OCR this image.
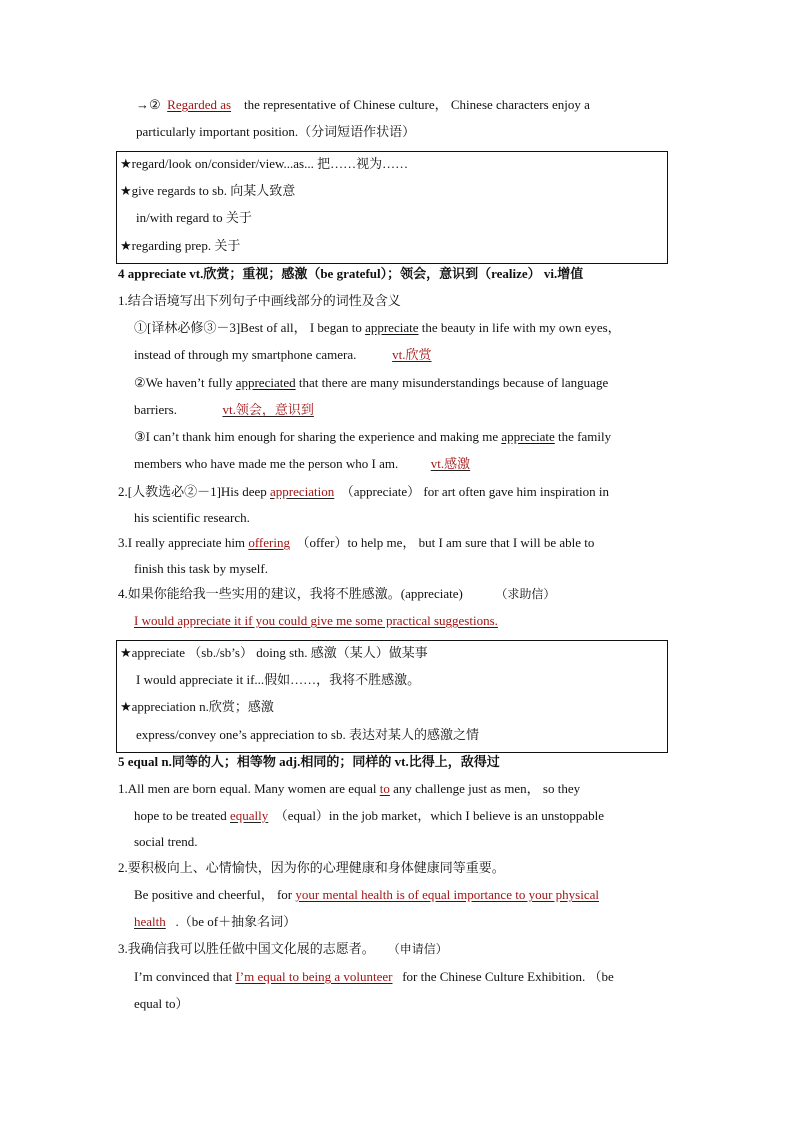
→② Regarded as the representative of Chinese culture， Chinese characters enjoy a
particularly important position.（分词短语作状语）
★regard/look on/consider/view...as... 把……视为……
★give regards to sb. 向某人致意
in/with regard to 关于
★regarding prep. 关于
4 appreciate vt.欣赏；重视；感激（be grateful）；领会，意识到（realize） vi.增值
1.结合语境写出下列句子中画线部分的词性及含义
①[译林必修③－3]Best of all， I began to appreciate the beauty in life with my own eyes，
instead of through my smartphone camera.	vt.欣赏
②We haven’t fully appreciated that there are many misunderstandings because of language
barriers.	vt.领会，意识到
③I can’t thank him enough for sharing the experience and making me appreciate the family
members who have made me the person who I am.	vt.感激
2.[人教选必②－1]His deep appreciation （appreciate） for art often gave him inspiration in
his scientific research.
3.I really appreciate him offering （offer）to help me， but I am sure that I will be able to
finish this task by myself.
4.如果你能给我一些实用的建议，我将不胜感激。(appreciate)	（求助信）
I would appreciate it if you could give me some practical suggestions.
★appreciate （sb./sb’s） doing sth. 感激（某人）做某事
I would appreciate it if...假如……，我将不胜感激。
★appreciation n.欣赏；感激
express/convey one’s appreciation to sb. 表达对某人的感激之情
5 equal n.同等的人；相等物 adj.相同的；同样的 vt.比得上，敌得过
1.All men are born equal. Many women are equal to any challenge just as men， so they
hope to be treated equally （equal）in the job market，which I believe is an unstoppable
social trend.
2.要积极向上、心情愉快，因为你的心理健康和身体健康同等重要。
Be positive and cheerful， for your mental health is of equal importance to your physical
health .（be of＋抽象名词）
3.我确信我可以胜任做中国文化展的志愿者。 （申请信）
I’m convinced that I’m equal to being a volunteer   for the Chinese Culture Exhibition. （be
equal to）
